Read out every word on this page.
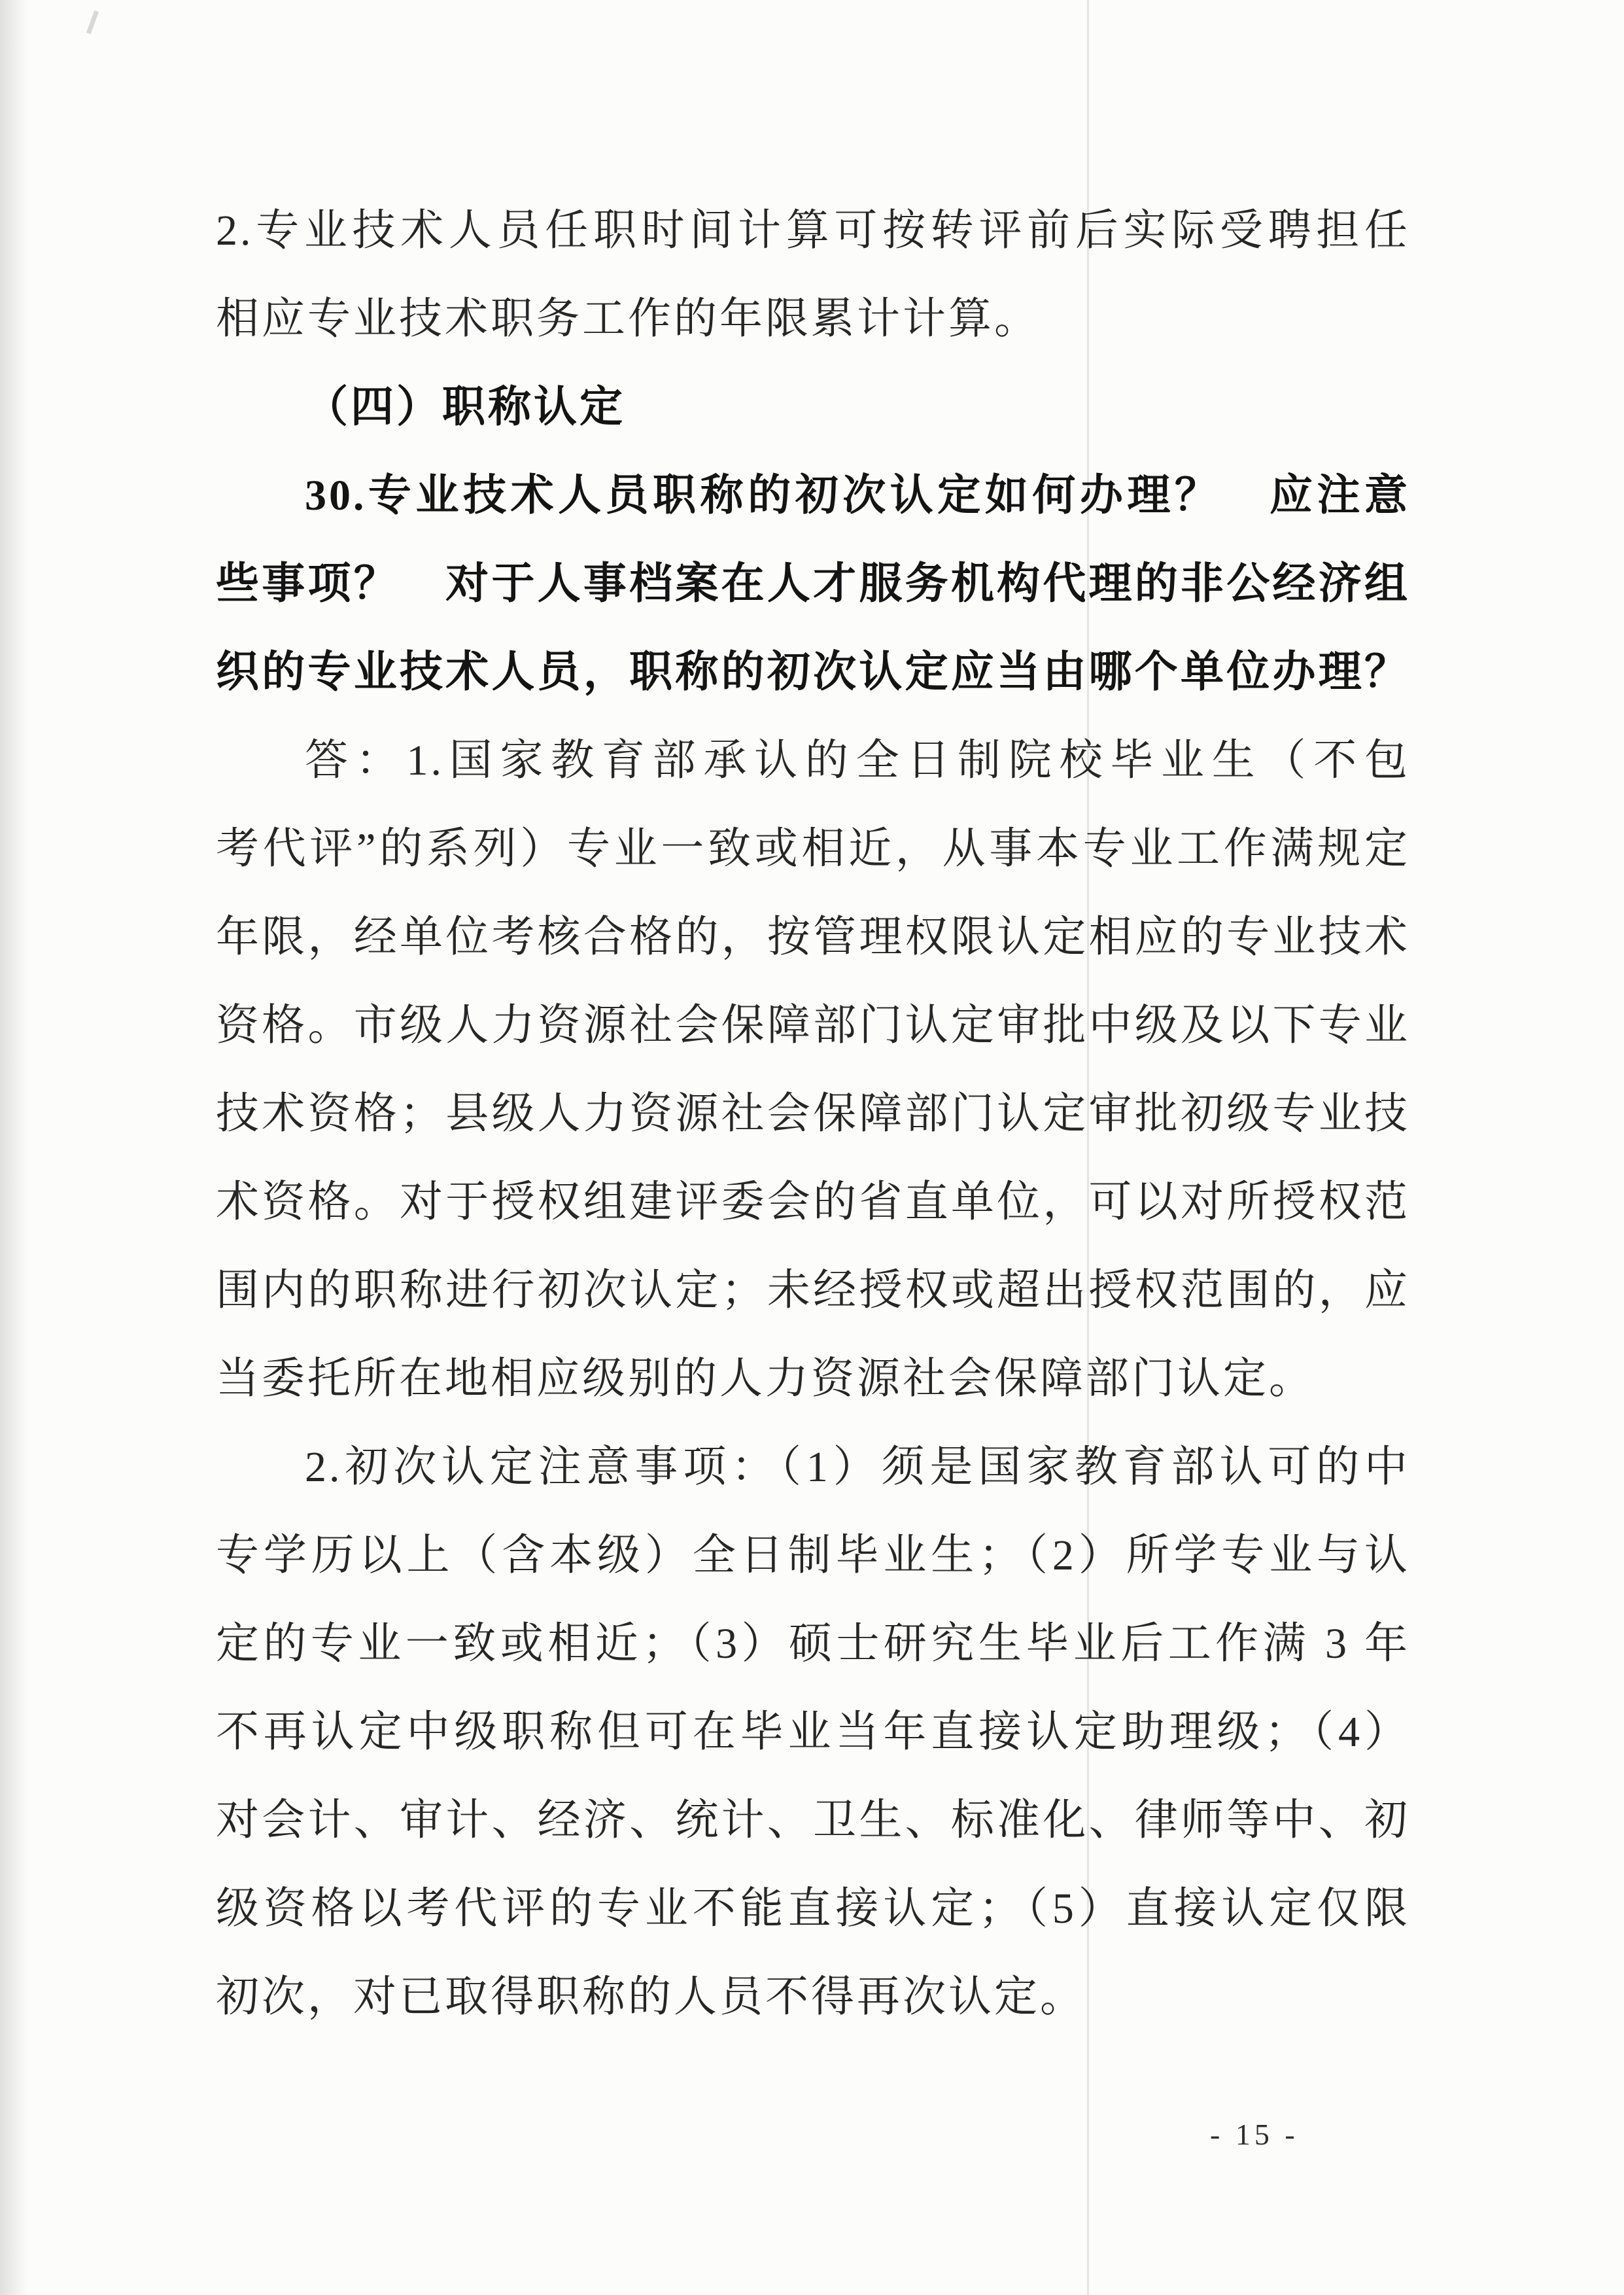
2.专业技术人员任职时间计算可按转评前后实际受聘担任
相应专业技术职务工作的年限累计计算。
（四）职称认定
30.专业技术人员职称的初次认定如何办理？　应注意
些事项？　对于人事档案在人才服务机构代理的非公经济组
织的专业技术人员，职称的初次认定应当由哪个单位办理？
答：1.国家教育部承认的全日制院校毕业生（不包
考代评”的系列）专业一致或相近，从事本专业工作满规定
年限，经单位考核合格的，按管理权限认定相应的专业技术
资格。市级人力资源社会保障部门认定审批中级及以下专业
技术资格；县级人力资源社会保障部门认定审批初级专业技
术资格。对于授权组建评委会的省直单位，可以对所授权范
围内的职称进行初次认定；未经授权或超出授权范围的，应
当委托所在地相应级别的人力资源社会保障部门认定。
2.初次认定注意事项：（1）须是国家教育部认可的中
专学历以上（含本级）全日制毕业生；（2）所学专业与认
定的专业一致或相近；（3）硕士研究生毕业后工作满 3 年
不再认定中级职称但可在毕业当年直接认定助理级；（4）
对会计、审计、经济、统计、卫生、标准化、律师等中、初
级资格以考代评的专业不能直接认定；（5）直接认定仅限
初次，对已取得职称的人员不得再次认定。
- 15 -
